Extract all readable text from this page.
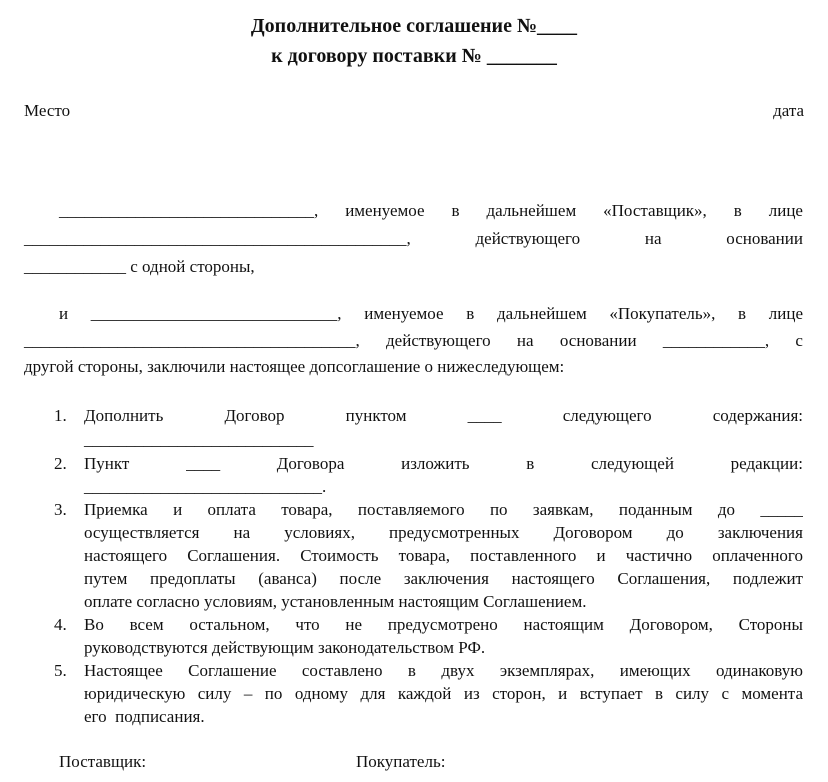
Дополнительное соглашение №____
к договору поставки № _______
Место	дата
______________________________, именуемое в дальнейшем «Поставщик», в лице
_____________________________________________,	действующего	на	основании
____________ с одной стороны,
и _____________________________, именуемое в дальнейшем «Покупатель», в лице
_______________________________________, действующего на основании ____________, с
другой стороны, заключили настоящее допсоглашение о нижеследующем:
1. Дополнить	Договор	пунктом	____	следующего	содержания:
___________________________
2. Пункт	____	Договора	изложить	в	следующей	редакции:
____________________________.
3. Приемка и оплата товара, поставляемого по заявкам, поданным до _____
осуществляется на условиях, предусмотренных Договором до заключения
настоящего Соглашения. Стоимость товара, поставленного и частично оплаченного
путем предоплаты (аванса) после заключения настоящего Соглашения, подлежит
оплате согласно условиям, установленным настоящим Соглашением.
4. Во всем остальном, что не предусмотрено настоящим Договором, Стороны
руководствуются действующим законодательством РФ.
5. Настоящее Соглашение составлено в двух экземплярах, имеющих одинаковую
юридическую силу – по одному для каждой из сторон, и вступает в силу с момента
его  подписания.
Поставщик:	Покупатель:
